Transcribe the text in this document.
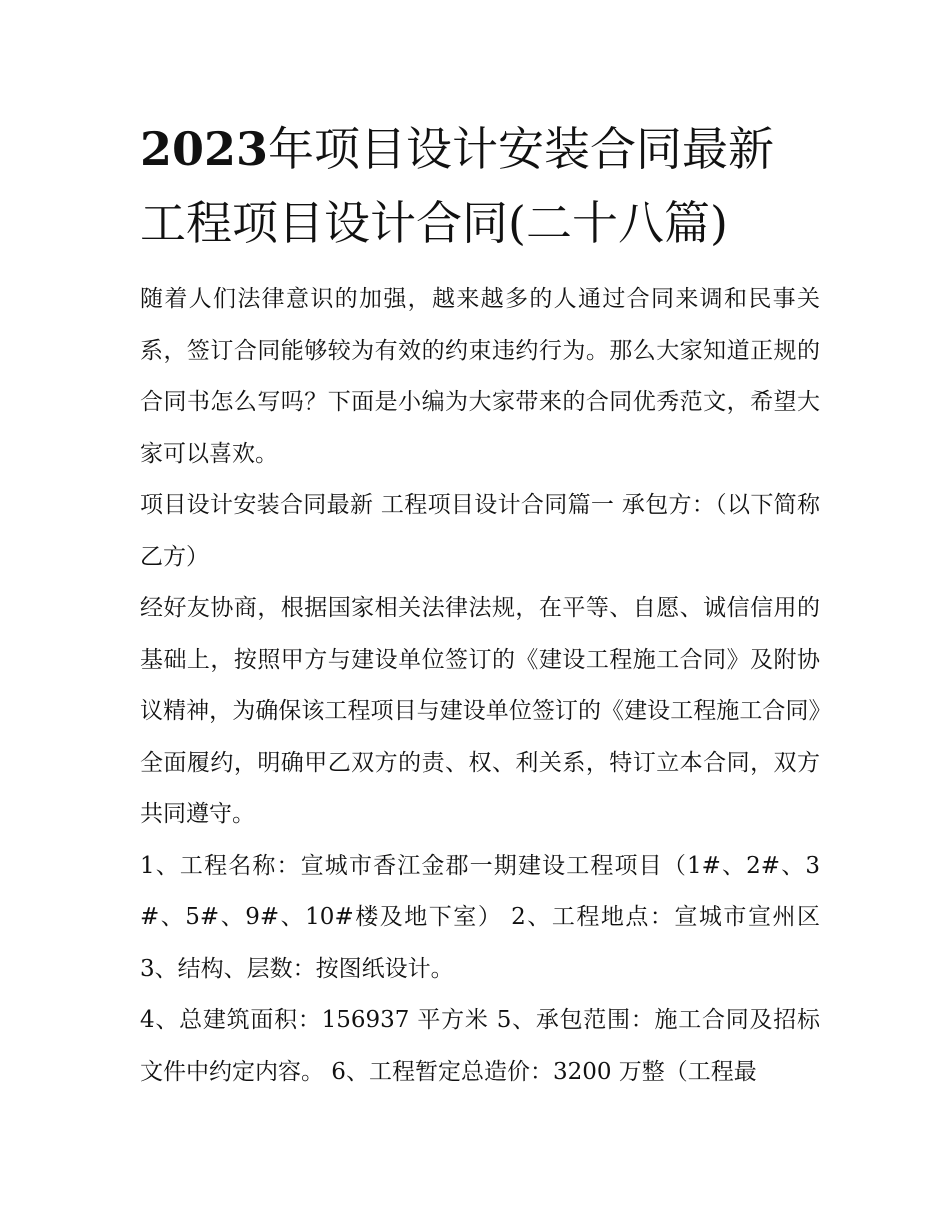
2023年项目设计安装合同最新工程项目设计合同(二十八篇)

随着人们法律意识的加强，越来越多的人通过合同来调和民事关系，签订合同能够较为有效的约束违约行为。那么大家知道正规的合同书怎么写吗？下面是小编为大家带来的合同优秀范文，希望大家可以喜欢。

项目设计安装合同最新 工程项目设计合同篇一 承包方：（以下简称乙方）

经好友协商，根据国家相关法律法规，在平等、自愿、诚信信用的基础上，按照甲方与建设单位签订的《建设工程施工合同》及附协议精神，为确保该工程项目与建设单位签订的《建设工程施工合同》全面履约，明确甲乙双方的责、权、利关系，特订立本合同，双方共同遵守。

1、工程名称：宣城市香江金郡一期建设工程项目（1#、2#、3#、5#、9#、10#楼及地下室） 2、工程地点：宣城市宣州区 3、结构、层数：按图纸设计。

4、总建筑面积：156937 平方米 5、承包范围：施工合同及招标文件中约定内容。 6、工程暂定总造价：3200 万整（工程最
